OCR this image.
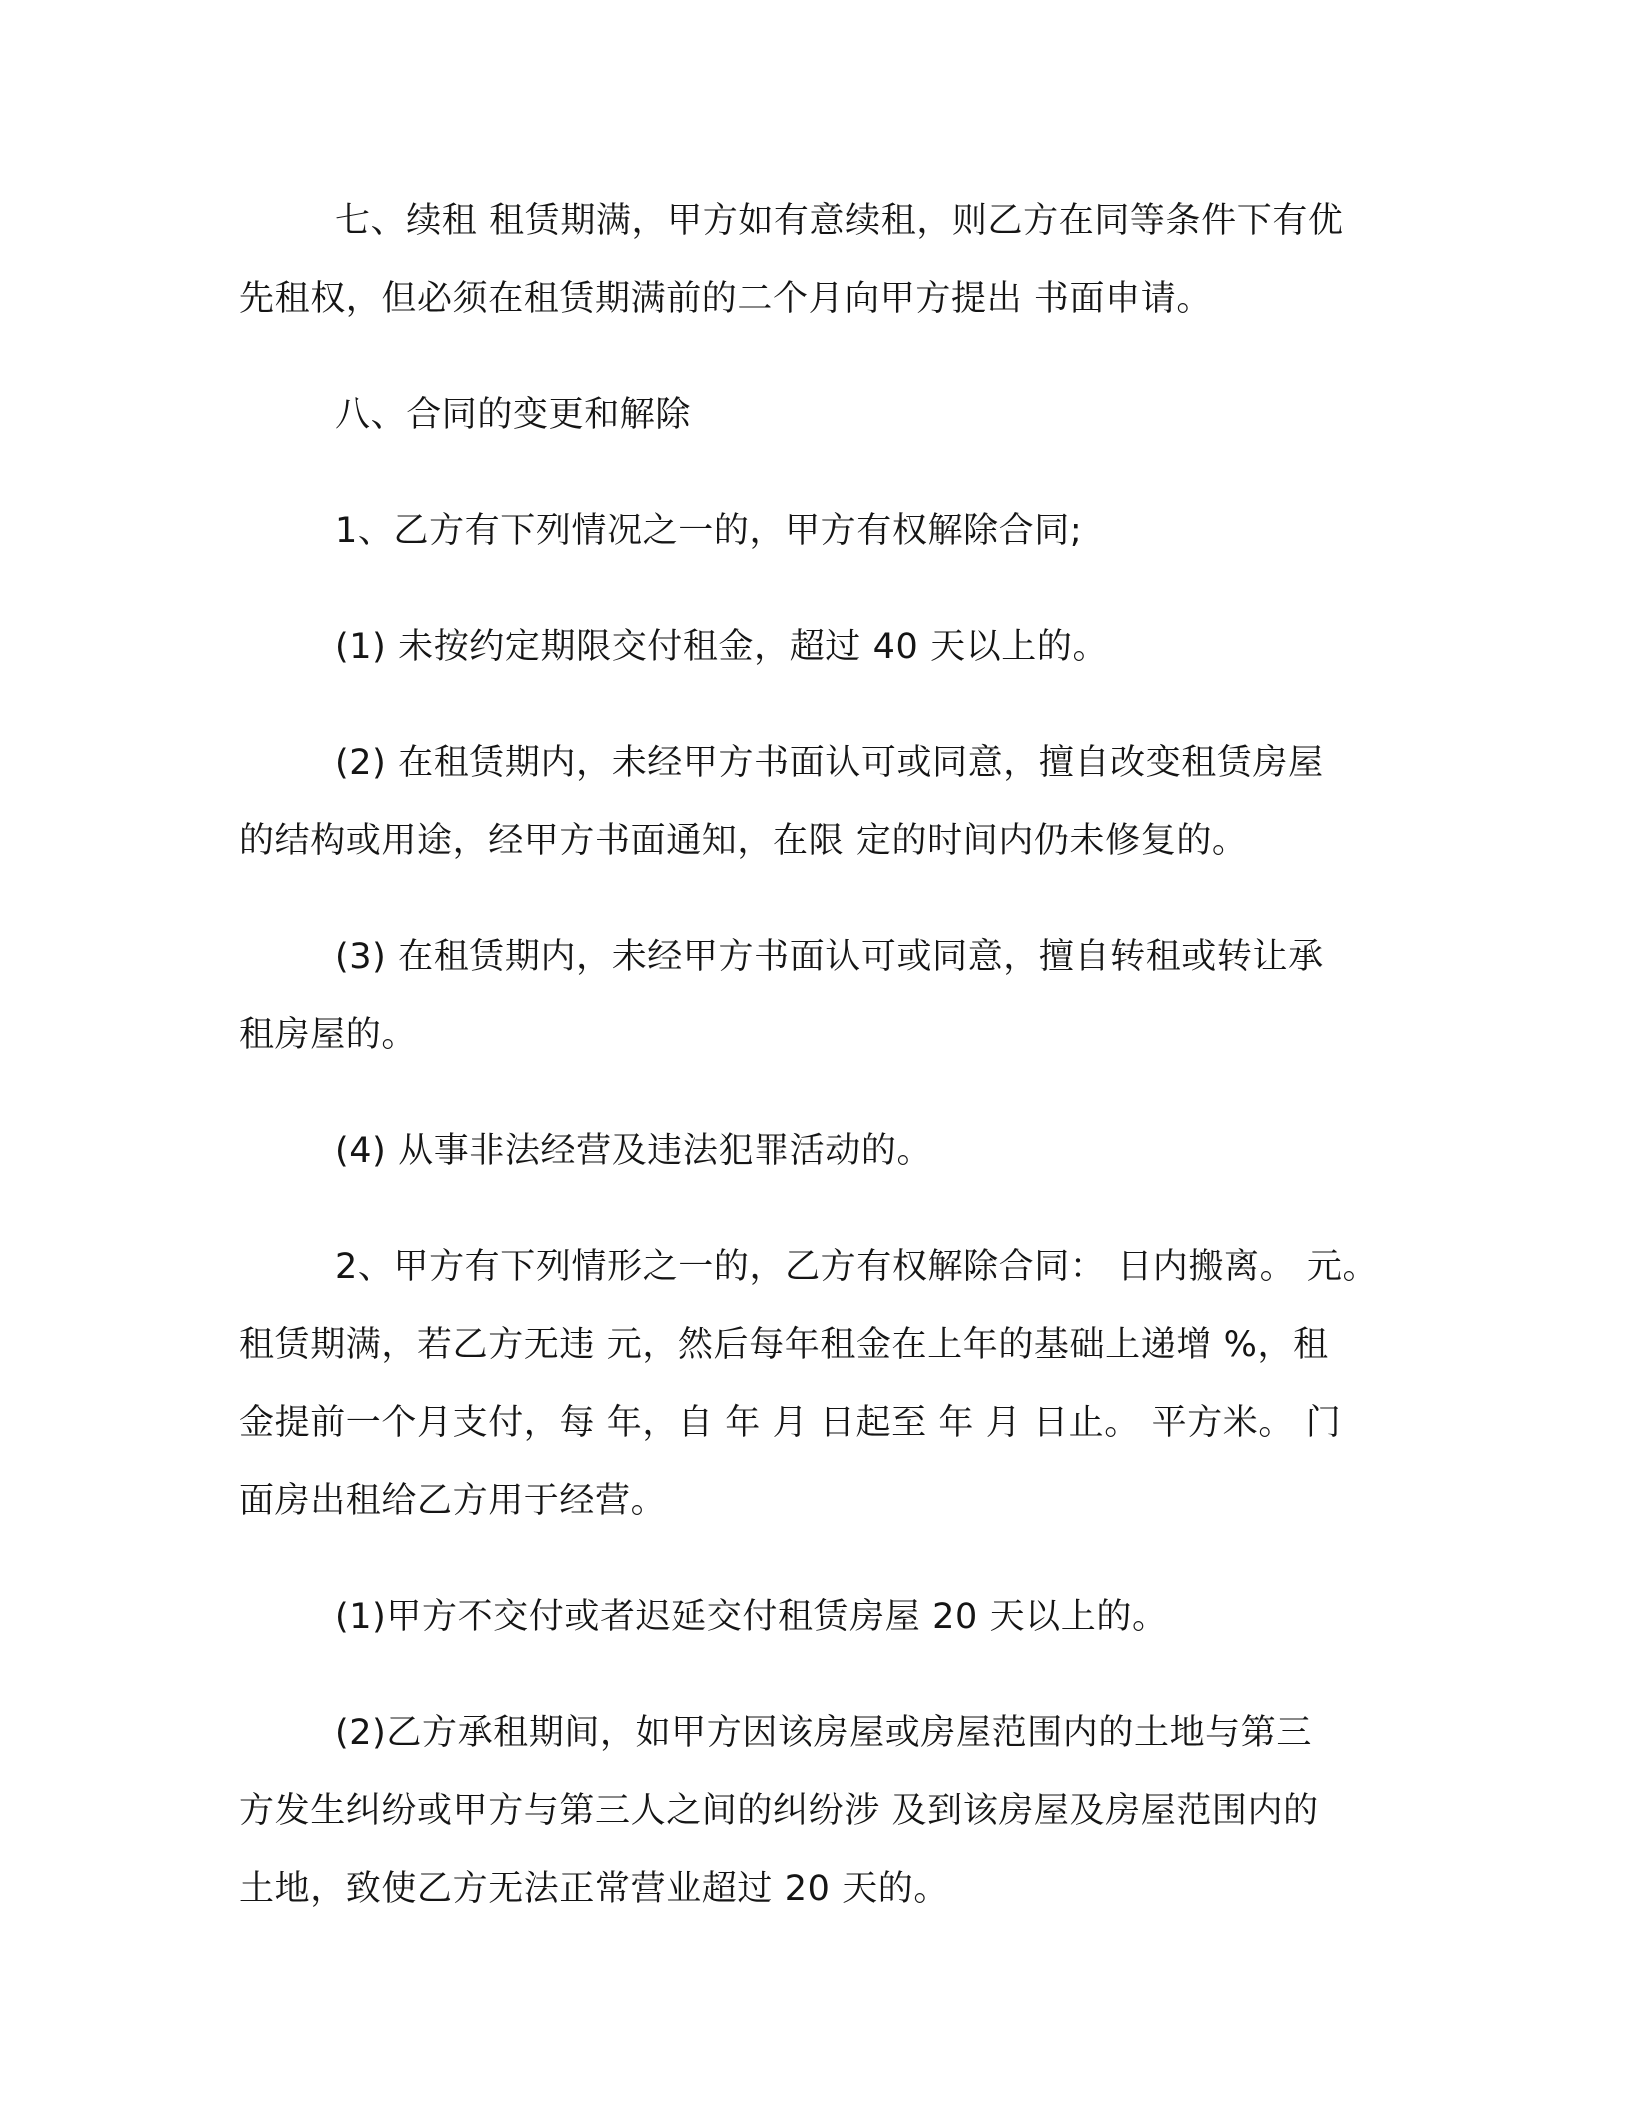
七、续租 租赁期满，甲方如有意续租，则乙方在同等条件下有优
先租权，但必须在租赁期满前的二个月向甲方提出 书面申请。
八、合同的变更和解除
1、乙方有下列情况之一的，甲方有权解除合同;
(1) 未按约定期限交付租金，超过 40 天以上的。
(2) 在租赁期内，未经甲方书面认可或同意，擅自改变租赁房屋
的结构或用途，经甲方书面通知，在限 定的时间内仍未修复的。
(3) 在租赁期内，未经甲方书面认可或同意，擅自转租或转让承
租房屋的。
(4) 从事非法经营及违法犯罪活动的。
2、甲方有下列情形之一的，乙方有权解除合同： 日内搬离。 元。
租赁期满，若乙方无违 元，然后每年租金在上年的基础上递增 %，租
金提前一个月支付，每 年，自 年 月 日起至 年 月 日止。 平方米。 门
面房出租给乙方用于经营。
(1)甲方不交付或者迟延交付租赁房屋 20 天以上的。
(2)乙方承租期间，如甲方因该房屋或房屋范围内的土地与第三
方发生纠纷或甲方与第三人之间的纠纷涉 及到该房屋及房屋范围内的
土地，致使乙方无法正常营业超过 20 天的。
